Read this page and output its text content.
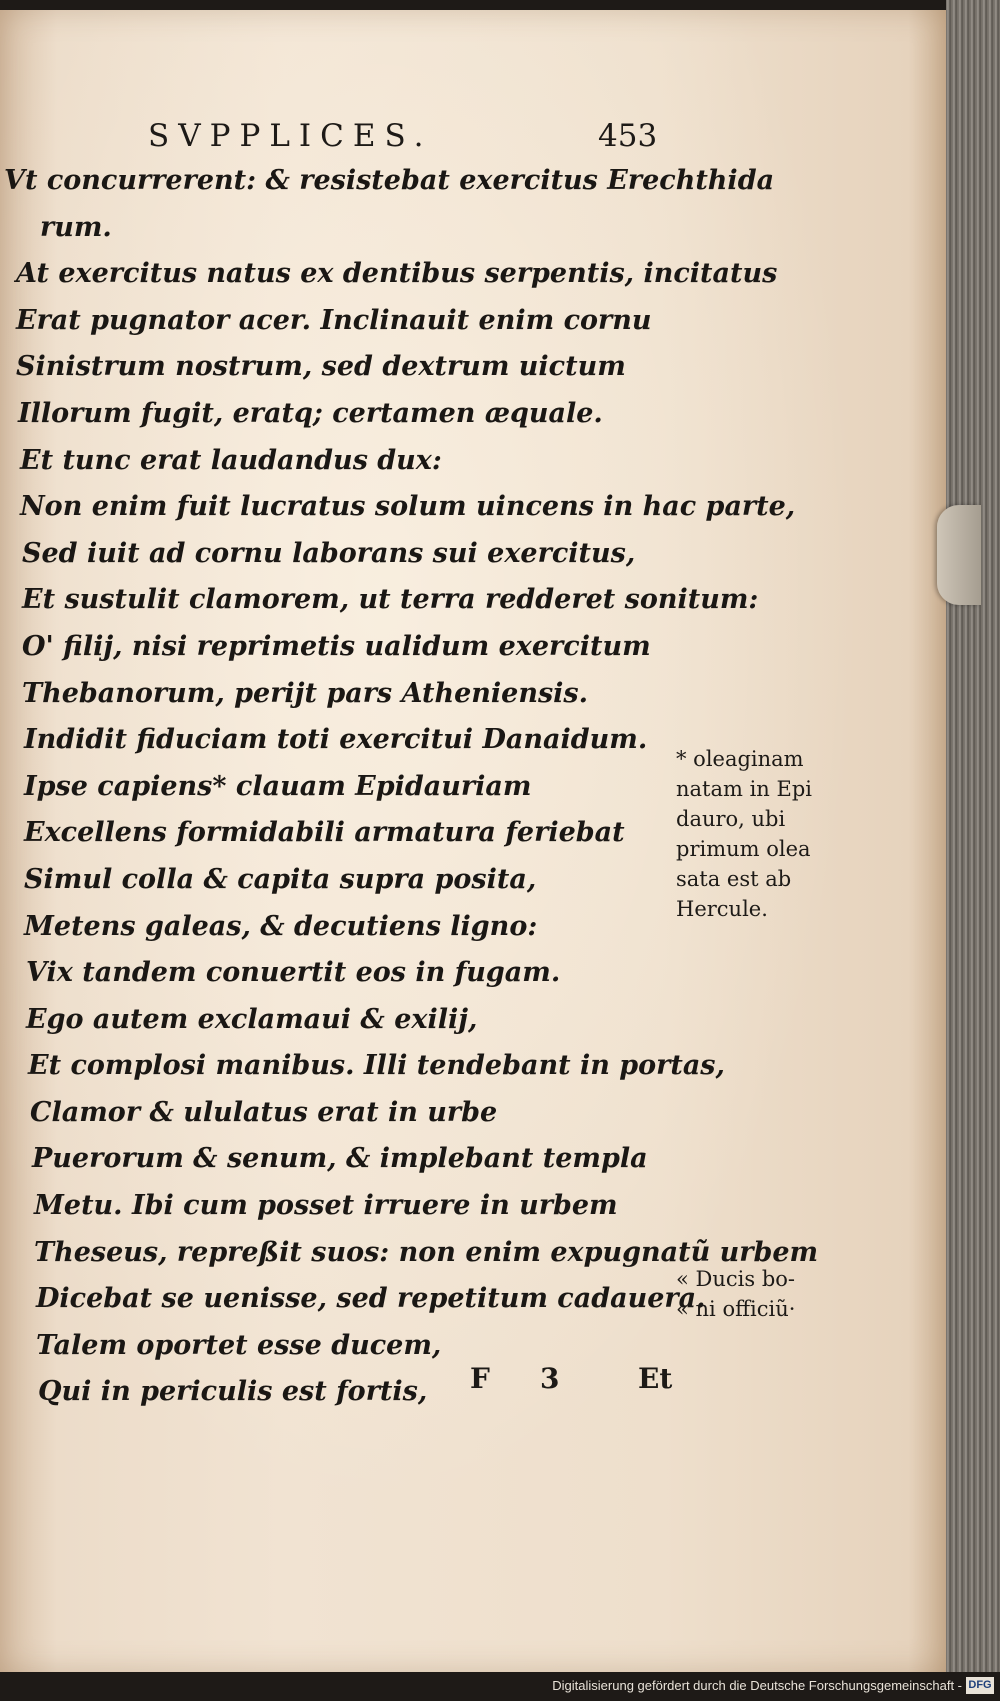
SVPPLICES.	453
Vt concurrerent: & resistebat exercitus Erechthida
rum.
At exercitus natus ex dentibus serpentis, incitatus
Erat pugnator acer. Inclinauit enim cornu
Sinistrum nostrum, sed dextrum uictum
Illorum fugit, eratq; certamen æquale.
Et tunc erat laudandus dux:
Non enim fuit lucratus solum uincens in hac parte,
Sed iuit ad cornu laborans sui exercitus,
Et sustulit clamorem, ut terra redderet sonitum:
O' filij, nisi reprimetis ualidum exercitum
Thebanorum, perijt pars Atheniensis.
Indidit fiduciam toti exercitui Danaidum.
Ipse capiens* clauam Epidauriam
Excellens formidabili armatura feriebat
Simul colla & capita supra posita,
Metens galeas, & decutiens ligno:
Vix tandem conuertit eos in fugam.
Ego autem exclamaui & exilij,
Et complosi manibus. Illi tendebant in portas,
Clamor & ululatus erat in urbe
Puerorum & senum, & implebant templa
Metu. Ibi cum posset irruere in urbem
Theseus, repreßit suos: non enim expugnatũ urbem
Dicebat se uenisse, sed repetitum cadauera.
Talem oportet esse ducem,
Qui in periculis est fortis,
* oleaginam
natam in Epi
dauro, ubi
primum olea
sata est ab
Hercule.
« Ducis bo-
« ni officiũ·
F 3	Et
Digitalisierung gefördert durch die Deutsche Forschungsgemeinschaft - DFG
